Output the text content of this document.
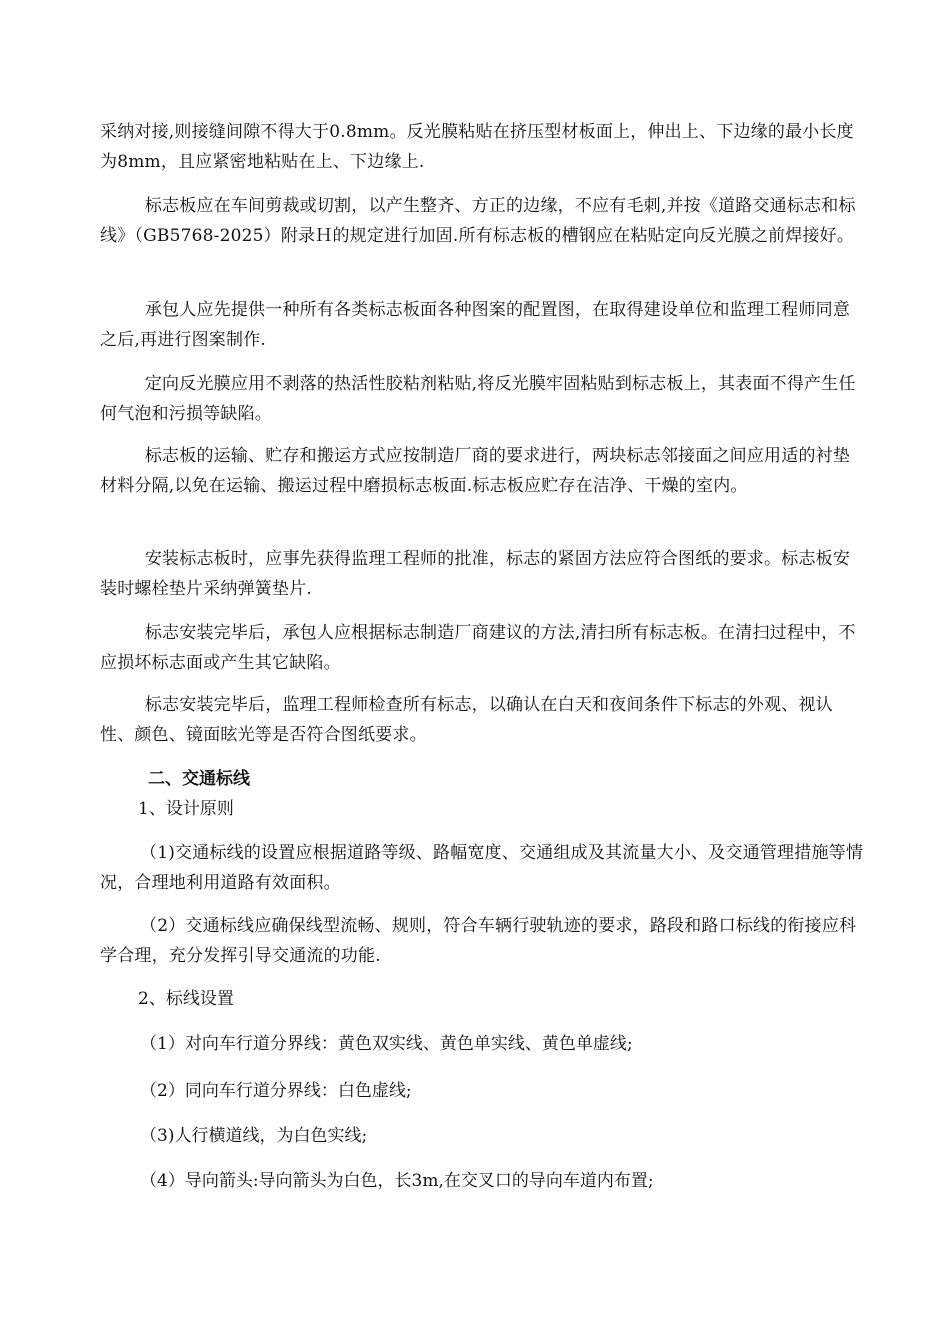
采纳对接,则接缝间隙不得大于0.8mm。反光膜粘贴在挤压型材板面上，伸出上、下边缘的最小长度为8mm，且应紧密地粘贴在上、下边缘上.
标志板应在车间剪裁或切割，以产生整齐、方正的边缘，不应有毛刺,并按《道路交通标志和标线》（GB5768-2025）附录Ｈ的规定进行加固.所有标志板的槽钢应在粘贴定向反光膜之前焊接好。
承包人应先提供一种所有各类标志板面各种图案的配置图，在取得建设单位和监理工程师同意之后,再进行图案制作.
定向反光膜应用不剥落的热活性胶粘剂粘贴,将反光膜牢固粘贴到标志板上，其表面不得产生任何气泡和污损等缺陷。
标志板的运输、贮存和搬运方式应按制造厂商的要求进行，两块标志邻接面之间应用适的衬垫材料分隔,以免在运输、搬运过程中磨损标志板面.标志板应贮存在洁净、干燥的室内。
安装标志板时，应事先获得监理工程师的批准，标志的紧固方法应符合图纸的要求。标志板安装时螺栓垫片采纳弹簧垫片.
标志安装完毕后，承包人应根据标志制造厂商建议的方法,清扫所有标志板。在清扫过程中，不应损坏标志面或产生其它缺陷。
标志安装完毕后，监理工程师检查所有标志，以确认在白天和夜间条件下标志的外观、视认性、颜色、镜面眩光等是否符合图纸要求。
二、交通标线
1、设计原则
（1)交通标线的设置应根据道路等级、路幅宽度、交通组成及其流量大小、及交通管理措施等情况，合理地利用道路有效面积。
（2）交通标线应确保线型流畅、规则，符合车辆行驶轨迹的要求，路段和路口标线的衔接应科学合理，充分发挥引导交通流的功能.
2、标线设置
（1）对向车行道分界线：黄色双实线、黄色单实线、黄色单虚线;
（2）同向车行道分界线：白色虚线;
（3)人行横道线，为白色实线;
（4）导向箭头:导向箭头为白色，长3m,在交叉口的导向车道内布置;
